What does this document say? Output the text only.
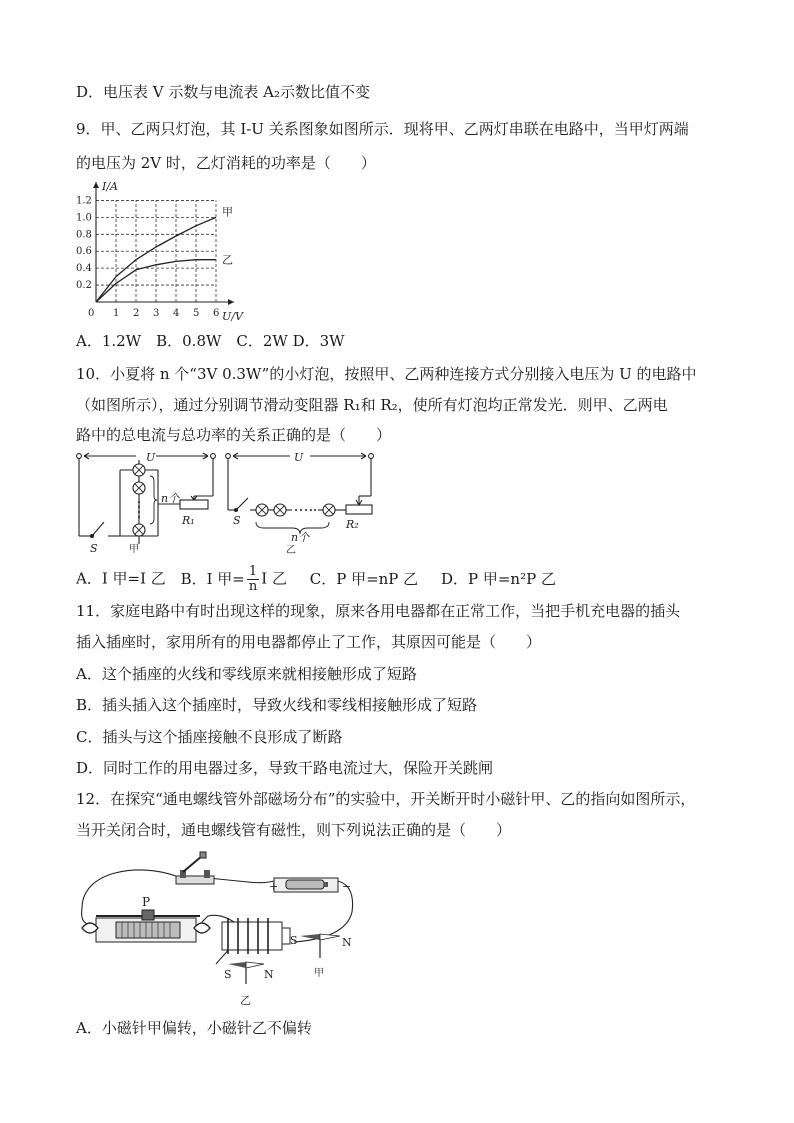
D．电压表 V 示数与电流表 A₂示数比值不变
9．甲、乙两只灯泡，其 I-U 关系图象如图所示．现将甲、乙两灯串联在电路中，当甲灯两端
的电压为 2V 时，乙灯消耗的功率是（　　）
0 1 2 3 4 5 6
0.2
0.4
0.6
0.8
1.0
1.2
U/V
I/A
甲
乙
A．1.2W　B．0.8W　C．2W D．3W
10．小夏将 n 个“3V 0.3W”的小灯泡，按照甲、乙两种连接方式分别接入电压为 U 的电路中
（如图所示），通过分别调节滑动变阻器 R₁和 R₂，使所有灯泡均正常发光．则甲、乙两电
路中的总电流与总功率的关系正确的是（　　）
U
S
n个
R₁
甲
U
S
n个
R₂
乙
A．I 甲=I 乙 B．I 甲= $\frac{1}{n}$ I 乙 C．P 甲=nP 乙 D．P 甲=n²P 乙
11．家庭电路中有时出现这样的现象，原来各用电器都在正常工作，当把手机充电器的插头
插入插座时，家用所有的用电器都停止了工作，其原因可能是（　　）
A．这个插座的火线和零线原来就相接触形成了短路
B．插头插入这个插座时，导致火线和零线相接触形成了短路
C．插头与这个插座接触不良形成了断路
D．同时工作的用电器过多，导致干路电流过大，保险开关跳闸
12．在探究“通电螺线管外部磁场分布”的实验中，开关断开时小磁针甲、乙的指向如图所示，
当开关闭合时，通电螺线管有磁性，则下列说法正确的是（　　）
+	−
P
S	N
甲
S	N
乙
A．小磁针甲偏转，小磁针乙不偏转
